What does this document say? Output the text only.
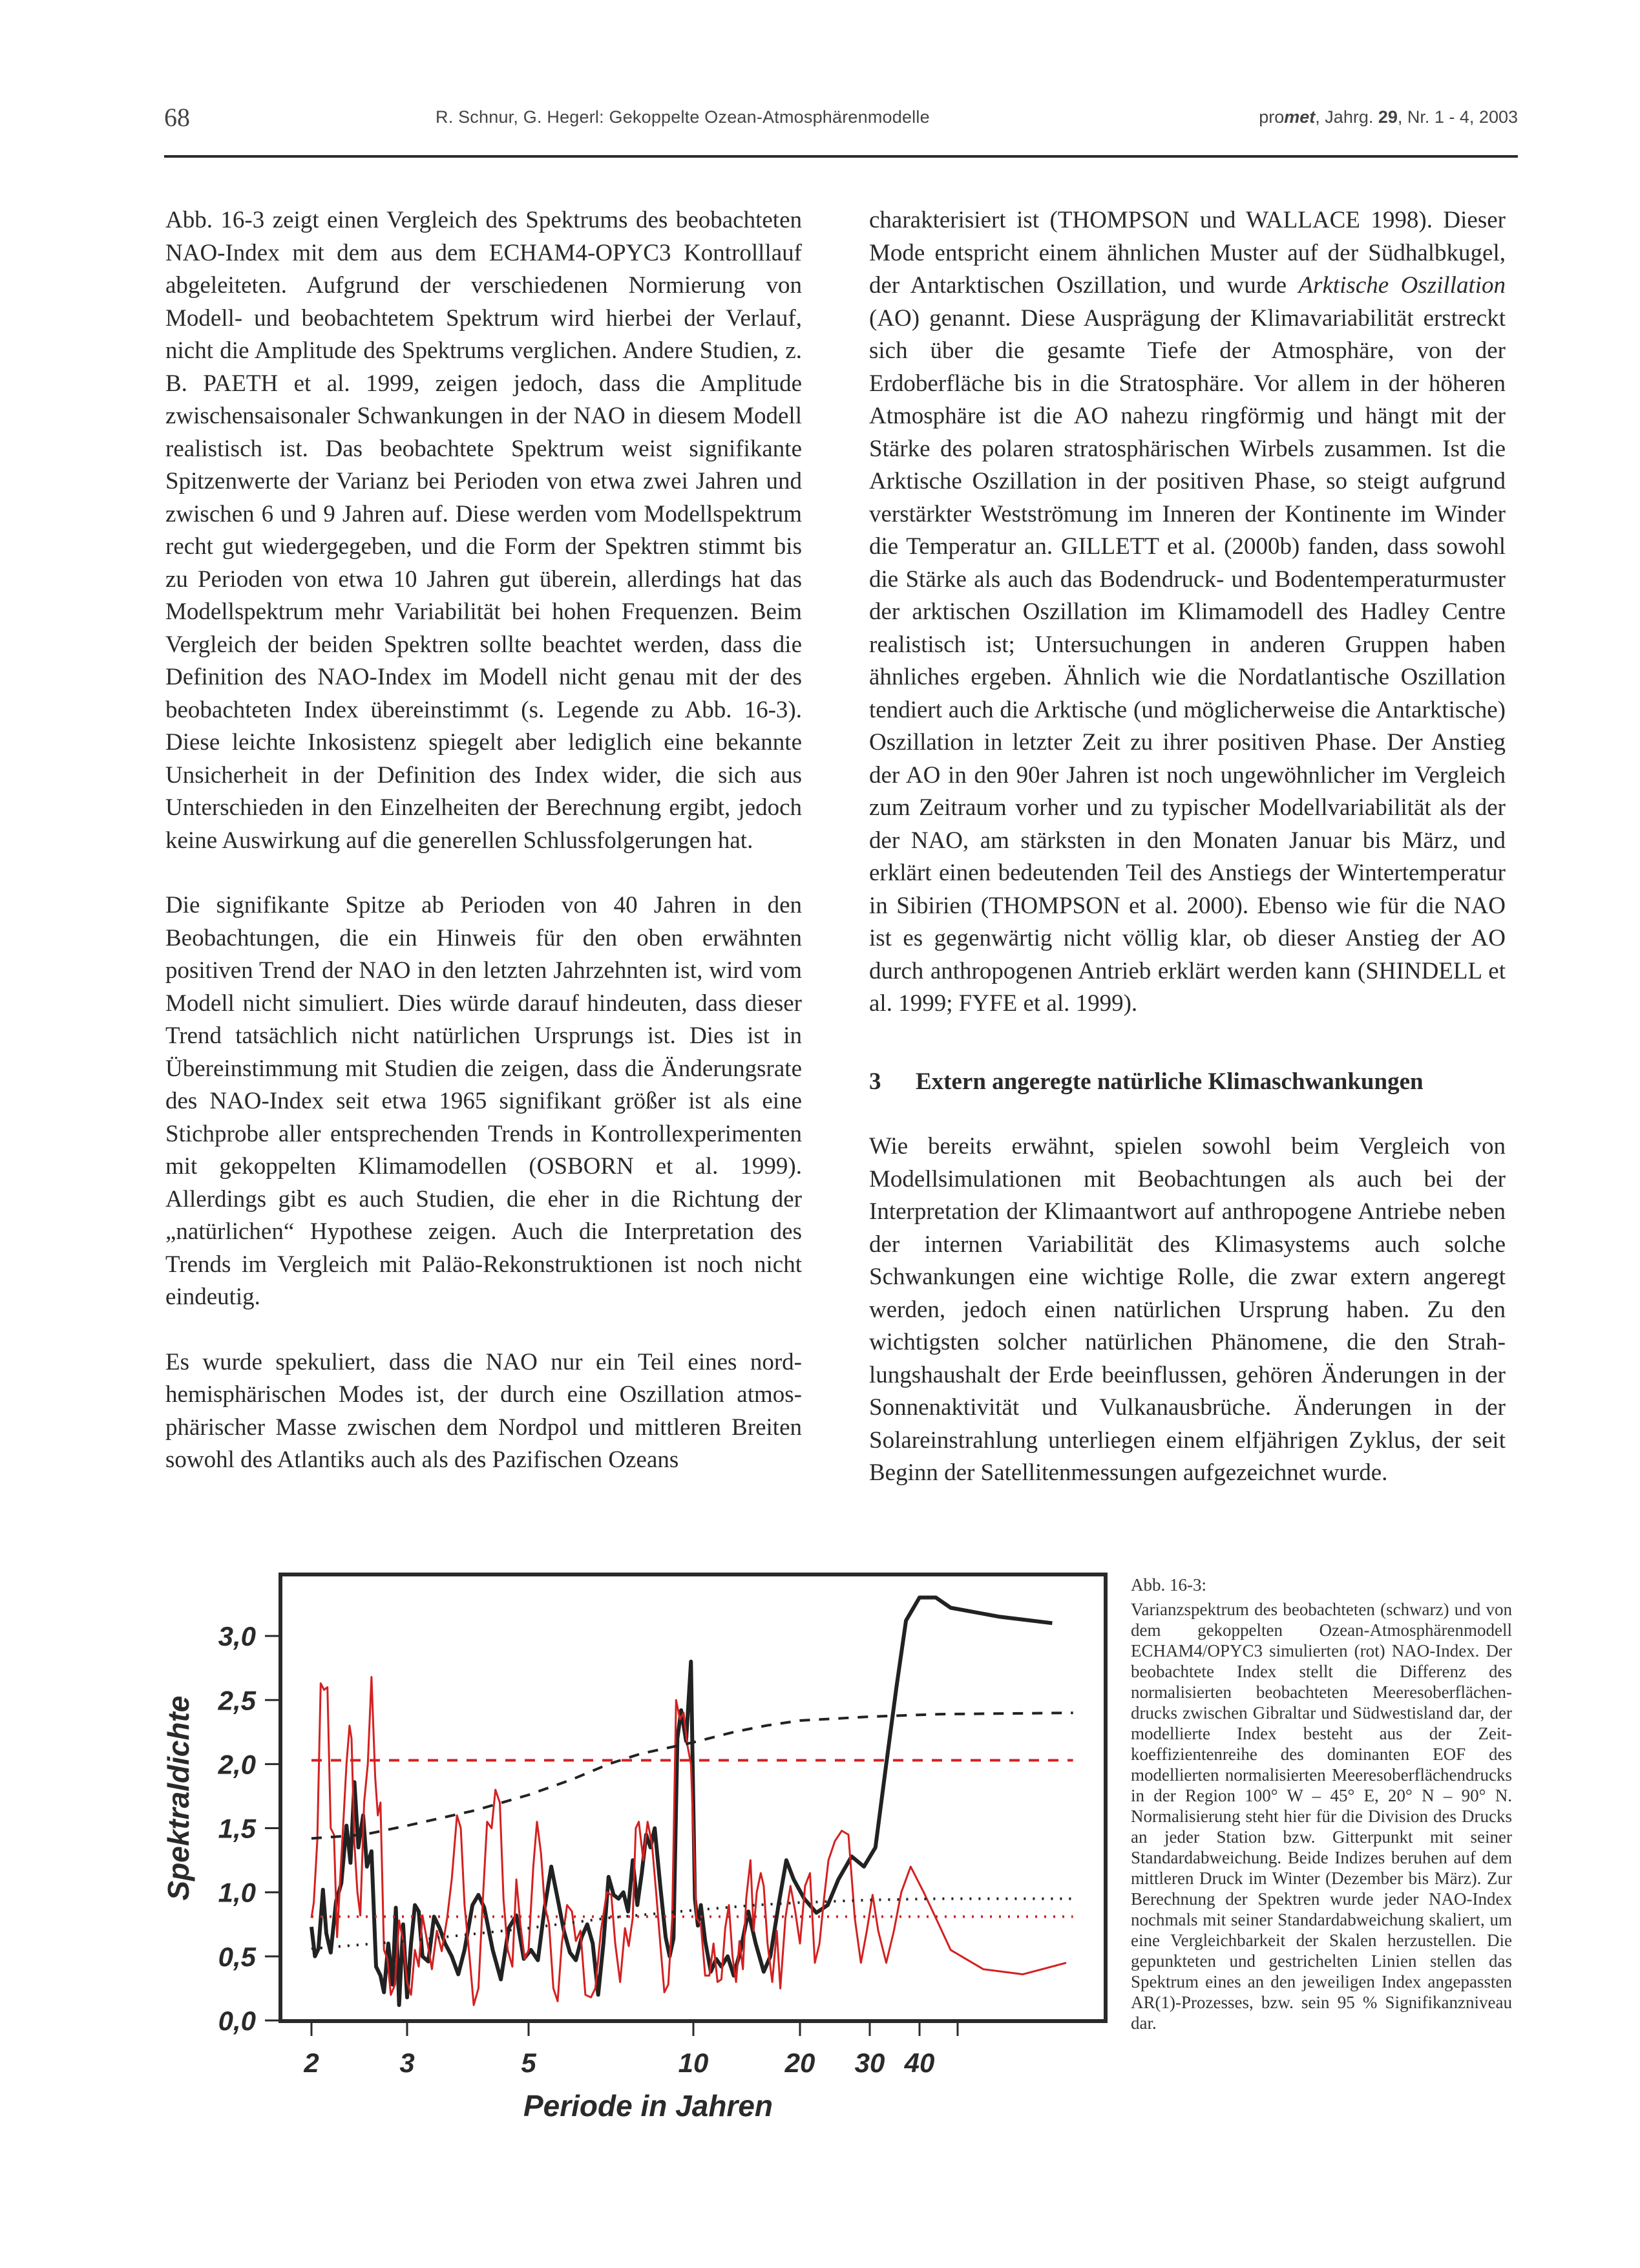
68	R. Schnur, G. Hegerl: Gekoppelte Ozean-Atmosphärenmodelle	promet, Jahrg. 29, Nr. 1 - 4, 2003

Abb. 16-3 zeigt einen Vergleich des Spektrums des beobachteten NAO-Index mit dem aus dem ECHAM4-OPYC3 Kontrolllauf abgeleiteten. Aufgrund der verschiedenen Normierung von Modell- und beobachtetem Spektrum wird hierbei der Verlauf, nicht die Amplitude des Spektrums verglichen. Andere Studien, z. B. PAETH et al. 1999, zeigen jedoch, dass die Amplitude zwischensaisonaler Schwankungen in der NAO in diesem Modell realistisch ist. Das beobachtete Spektrum weist signifikante Spitzenwerte der Varianz bei Perioden von etwa zwei Jahren und zwischen 6 und 9 Jahren auf. Diese werden vom Modellspektrum recht gut wiedergegeben, und die Form der Spektren stimmt bis zu Perioden von etwa 10 Jahren gut überein, allerdings hat das Modellspektrum mehr Variabilität bei hohen Frequenzen. Beim Vergleich der beiden Spektren sollte beachtet werden, dass die Definition des NAO-Index im Modell nicht genau mit der des beobachteten Index übereinstimmt (s. Legende zu Abb. 16-3). Diese leichte Inkosistenz spiegelt aber lediglich eine bekannte Unsicherheit in der Definition des Index wider, die sich aus Unterschieden in den Einzelheiten der Berechnung ergibt, jedoch keine Auswirkung auf die generellen Schlussfolgerungen hat.

Die signifikante Spitze ab Perioden von 40 Jahren in den Beobachtungen, die ein Hinweis für den oben erwähnten positiven Trend der NAO in den letzten Jahrzehnten ist, wird vom Modell nicht simuliert. Dies würde darauf hindeuten, dass dieser Trend tatsächlich nicht natürlichen Ursprungs ist. Dies ist in Übereinstimmung mit Studien die zeigen, dass die Änderungsrate des NAO-Index seit etwa 1965 signifikant größer ist als eine Stichprobe aller entsprechenden Trends in Kontrollexperimenten mit gekoppelten Klimamodellen (OSBORN et al. 1999). Allerdings gibt es auch Studien, die eher in die Richtung der „natürlichen“ Hypothese zeigen. Auch die Interpretation des Trends im Vergleich mit Paläo-Rekonstruktionen ist noch nicht eindeutig.

Es wurde spekuliert, dass die NAO nur ein Teil eines nordhemisphärischen Modes ist, der durch eine Oszillation atmosphärischer Masse zwischen dem Nordpol und mittleren Breiten sowohl des Atlantiks auch als des Pazifischen Ozeans

charakterisiert ist (THOMPSON und WALLACE 1998). Dieser Mode entspricht einem ähnlichen Muster auf der Südhalbkugel, der Antarktischen Oszillation, und wurde Arktische Oszillation (AO) genannt. Diese Ausprägung der Klimavariabilität erstreckt sich über die gesamte Tiefe der Atmosphäre, von der Erdoberfläche bis in die Stratosphäre. Vor allem in der höheren Atmosphäre ist die AO nahezu ringförmig und hängt mit der Stärke des polaren stratosphärischen Wirbels zusammen. Ist die Arktische Oszillation in der positiven Phase, so steigt aufgrund verstärkter Westströmung im Inneren der Kontinente im Winder die Temperatur an. GILLETT et al. (2000b) fanden, dass sowohl die Stärke als auch das Bodendruck- und Bodentemperaturmuster der arktischen Oszillation im Klimamodell des Hadley Centre realistisch ist; Untersuchungen in anderen Gruppen haben ähnliches ergeben. Ähnlich wie die Nordatlantische Oszillation tendiert auch die Arktische (und möglicherweise die Antarktische) Oszillation in letzter Zeit zu ihrer positiven Phase. Der Anstieg der AO in den 90er Jahren ist noch ungewöhnlicher im Vergleich zum Zeitraum vorher und zu typischer Modellvariabilität als der der NAO, am stärksten in den Monaten Januar bis März, und erklärt einen bedeutenden Teil des Anstiegs der Wintertemperatur in Sibirien (THOMPSON et al. 2000). Ebenso wie für die NAO ist es gegenwärtig nicht völlig klar, ob dieser Anstieg der AO durch anthropogenen Antrieb erklärt werden kann (SHINDELL et al. 1999; FYFE et al. 1999).

3 Extern angeregte natürliche Klimaschwankungen

Wie bereits erwähnt, spielen sowohl beim Vergleich von Modellsimulationen mit Beobachtungen als auch bei der Interpretation der Klimaantwort auf anthropogene Antriebe neben der internen Variabilität des Klimasystems auch solche Schwankungen eine wichtige Rolle, die zwar extern angeregt werden, jedoch einen natürlichen Ursprung haben. Zu den wichtigsten solcher natürlichen Phänomene, die den Strahlungshaushalt der Erde beeinflussen, gehören Änderungen in der Sonnenaktivität und Vulkanausbrüche. Änderungen in der Solareinstrahlung unterliegen einem elfjährigen Zyklus, der seit Beginn der Satellitenmessungen aufgezeichnet wurde.

0,0
0,5
1,0
1,5
2,0
2,5
3,0
2	3	5	10	20 30 40
Spektraldichte
Periode in Jahren
Abb. 16-3:
Varianzspektrum des beobachteten (schwarz) und von dem gekoppelten Ozean-Atmosphärenmodell ECHAM4/OPYC3 simulierten (rot) NAO-Index. Der beobachtete Index stellt die Differenz des normalisierten beobachteten Meeresoberflächendrucks zwischen Gibraltar und Südwestisland dar, der modellierte Index besteht aus der Zeitkoeffizientenreihe des dominanten EOF des modellierten normalisierten Meeresoberflächendrucks in der Region 100° W – 45° E, 20° N – 90° N. Normalisierung steht hier für die Division des Drucks an jeder Station bzw. Gitterpunkt mit seiner Standardabweichung. Beide Indizes beruhen auf dem mittleren Druck im Winter (Dezember bis März). Zur Berechnung der Spektren wurde jeder NAO-Index nochmals mit seiner Standardabweichung skaliert, um eine Vergleichbarkeit der Skalen herzustellen. Die gepunkteten und gestrichelten Linien stellen das Spektrum eines an den jeweiligen Index angepassten AR(1)-Prozesses, bzw. sein 95 % Signifikanzniveau dar.
